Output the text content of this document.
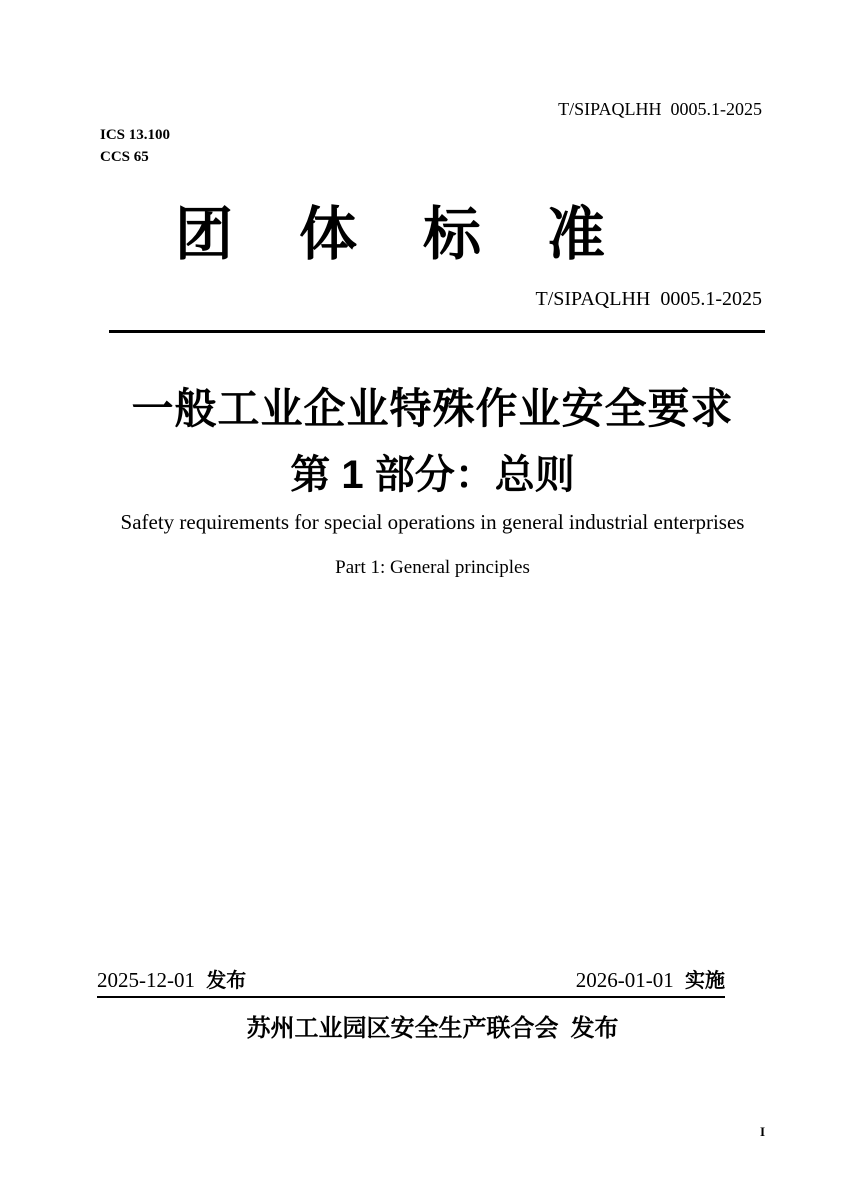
T/SIPAQLHH  0005.1-2025
ICS 13.100
CCS 65
团 体 标 准
T/SIPAQLHH  0005.1-2025
一般工业企业特殊作业安全要求
第 1 部分：总则
Safety requirements for special operations in general industrial enterprises
Part 1: General principles
2025-12-01 发布	2026-01-01 实施
苏州工业园区安全生产联合会 发布
I
